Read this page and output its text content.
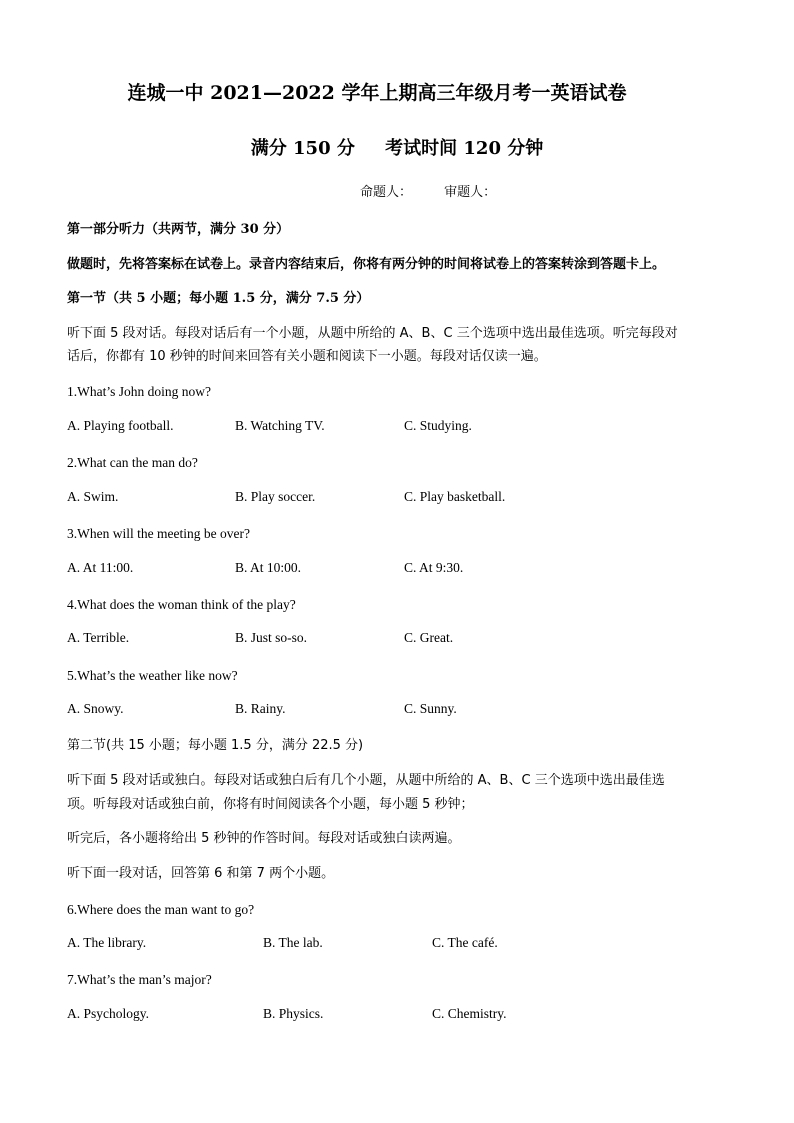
连城一中 2021—2022 学年上期高三年级月考一英语试卷
满分 150 分 考试时间 120 分钟
命题人： 审题人：
第一部分听力（共两节，满分 30 分）
做题时，先将答案标在试卷上。录音内容结束后，你将有两分钟的时间将试卷上的答案转涂到答题卡上。
第一节（共 5 小题；每小题 1.5 分，满分 7.5 分）
听下面 5 段对话。每段对话后有一个小题，从题中所给的 A、B、C 三个选项中选出最佳选项。听完每段对
话后，你都有 10 秒钟的时间来回答有关小题和阅读下一小题。每段对话仅读一遍。
1.What’s John doing now?
A. Playing football.	B. Watching TV.	C. Studying.
2.What can the man do?
A. Swim.	B. Play soccer.	C. Play basketball.
3.When will the meeting be over?
A. At 11:00.	B. At 10:00.	C. At 9:30.
4.What does the woman think of the play?
A. Terrible.	B. Just so-so.	C. Great.
5.What’s the weather like now?
A. Snowy.	B. Rainy.	C. Sunny.
第二节(共 15 小题；每小题 1.5 分，满分 22.5 分)
听下面 5 段对话或独白。每段对话或独白后有几个小题，从题中所给的 A、B、C 三个选项中选出最佳选
项。听每段对话或独白前，你将有时间阅读各个小题，每小题 5 秒钟；
听完后，各小题将给出 5 秒钟的作答时间。每段对话或独白读两遍。
听下面一段对话，回答第 6 和第 7 两个小题。
6.Where does the man want to go?
A. The library.	B. The lab.	C. The café.
7.What’s the man’s major?
A. Psychology.	B. Physics.	C. Chemistry.
